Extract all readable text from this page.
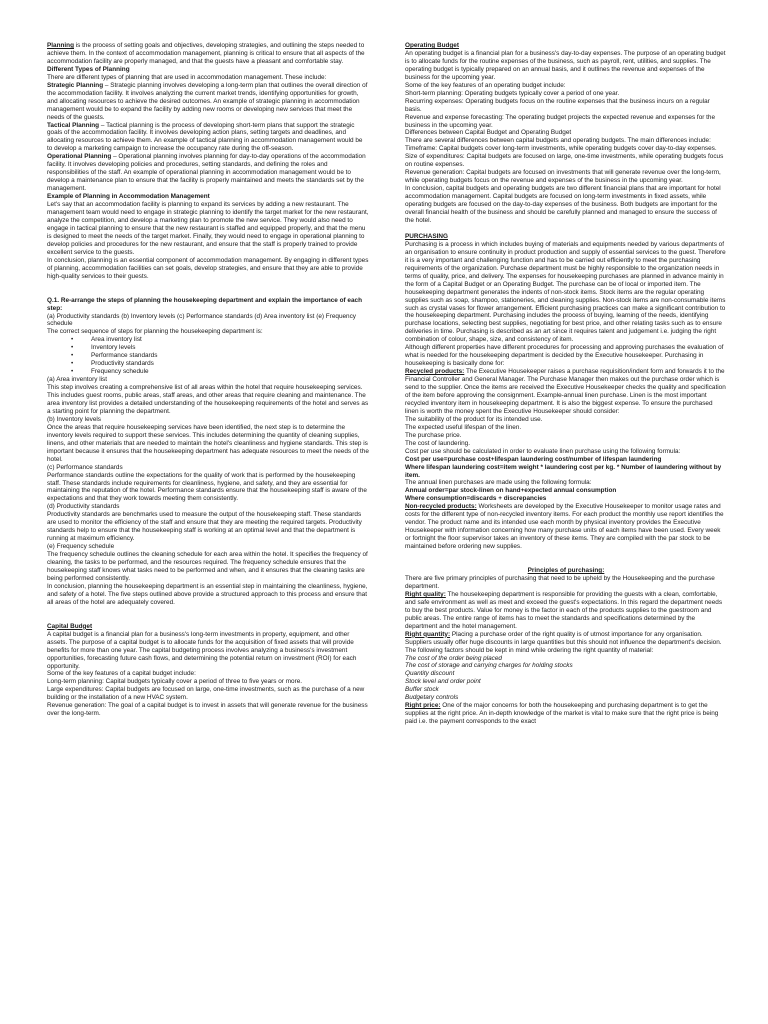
Planning is the process of setting goals and objectives, developing strategies, and outlining the steps needed to achieve them. In the context of accommodation management, planning is critical to ensure that all aspects of the accommodation facility are properly managed, and that the guests have a pleasant and comfortable stay.

Different Types of Planning

There are different types of planning that are used in accommodation management. These include:

Strategic Planning – Strategic planning involves developing a long-term plan that outlines the overall direction of the accommodation facility. It involves analyzing the current market trends, identifying opportunities for growth, and allocating resources to achieve the desired outcomes. An example of strategic planning in accommodation management would be to expand the facility by adding new rooms or developing new services that meet the needs of the guests.

Tactical Planning – Tactical planning is the process of developing short-term plans that support the strategic goals of the accommodation facility. It involves developing action plans, setting targets and deadlines, and allocating resources to achieve them. An example of tactical planning in accommodation management would be to develop a marketing campaign to increase the occupancy rate during the off-season.

Operational Planning – Operational planning involves planning for day-to-day operations of the accommodation facility. It involves developing policies and procedures, setting standards, and defining the roles and responsibilities of the staff. An example of operational planning in accommodation management would be to develop a maintenance plan to ensure that the facility is properly maintained and meets the standards set by the management.

Example of Planning in Accommodation Management

Let's say that an accommodation facility is planning to expand its services by adding a new restaurant. The management team would need to engage in strategic planning to identify the target market for the new restaurant, analyze the competition, and develop a marketing plan to promote the new service. They would also need to engage in tactical planning to ensure that the new restaurant is staffed and equipped properly, and that the menu is designed to meet the needs of the target market. Finally, they would need to engage in operational planning to develop policies and procedures for the new restaurant, and ensure that the staff is properly trained to provide excellent service to the guests.

In conclusion, planning is an essential component of accommodation management. By engaging in different types of planning, accommodation facilities can set goals, develop strategies, and ensure that they are able to provide high-quality services to their guests.

Q.1. Re-arrange the steps of planning the housekeeping department and explain the importance of each step:

(a) Productivity standards (b) Inventory levels (c) Performance standards (d) Area inventory list (e) Frequency schedule

The correct sequence of steps for planning the housekeeping department is:

• Area inventory list
• Inventory levels
• Performance standards
• Productivity standards
• Frequency schedule

(a) Area inventory list

This step involves creating a comprehensive list of all areas within the hotel that require housekeeping services. This includes guest rooms, public areas, staff areas, and other areas that require cleaning and maintenance. The area inventory list provides a detailed understanding of the housekeeping requirements of the hotel and serves as a starting point for planning the department.

(b) Inventory levels

Once the areas that require housekeeping services have been identified, the next step is to determine the inventory levels required to support these services. This includes determining the quantity of cleaning supplies, linens, and other materials that are needed to maintain the hotel's cleanliness and hygiene standards. This step is important because it ensures that the housekeeping department has adequate resources to meet the needs of the hotel.

(c) Performance standards

Performance standards outline the expectations for the quality of work that is performed by the housekeeping staff. These standards include requirements for cleanliness, hygiene, and safety, and they are essential for maintaining the reputation of the hotel. Performance standards ensure that the housekeeping staff is aware of the expectations and that they work towards meeting them consistently.

(d) Productivity standards

Productivity standards are benchmarks used to measure the output of the housekeeping staff. These standards are used to monitor the efficiency of the staff and ensure that they are meeting the required targets. Productivity standards help to ensure that the housekeeping staff is working at an optimal level and that the department is running at maximum efficiency.

(e) Frequency schedule

The frequency schedule outlines the cleaning schedule for each area within the hotel. It specifies the frequency of cleaning, the tasks to be performed, and the resources required. The frequency schedule ensures that the housekeeping staff knows what tasks need to be performed and when, and it ensures that the cleaning tasks are being performed consistently.

In conclusion, planning the housekeeping department is an essential step in maintaining the cleanliness, hygiene, and safety of a hotel. The five steps outlined above provide a structured approach to this process and ensure that all areas of the hotel are adequately covered.

Capital Budget

A capital budget is a financial plan for a business's long-term investments in property, equipment, and other assets. The purpose of a capital budget is to allocate funds for the acquisition of fixed assets that will provide benefits for more than one year. The capital budgeting process involves analyzing a business's investment opportunities, forecasting future cash flows, and determining the potential return on investment (ROI) for each opportunity.

Some of the key features of a capital budget include:

Long-term planning: Capital budgets typically cover a period of three to five years or more.

Large expenditures: Capital budgets are focused on large, one-time investments, such as the purchase of a new building or the installation of a new HVAC system.

Revenue generation: The goal of a capital budget is to invest in assets that will generate revenue for the business over the long-term.

Operating Budget

An operating budget is a financial plan for a business's day-to-day expenses. The purpose of an operating budget is to allocate funds for the routine expenses of the business, such as payroll, rent, utilities, and supplies. The operating budget is typically prepared on an annual basis, and it outlines the revenue and expenses of the business for the upcoming year.

Some of the key features of an operating budget include:

Short-term planning: Operating budgets typically cover a period of one year.

Recurring expenses: Operating budgets focus on the routine expenses that the business incurs on a regular basis.

Revenue and expense forecasting: The operating budget projects the expected revenue and expenses for the business in the upcoming year.

Differences between Capital Budget and Operating Budget

There are several differences between capital budgets and operating budgets. The main differences include:

Timeframe: Capital budgets cover long-term investments, while operating budgets cover day-to-day expenses.

Size of expenditures: Capital budgets are focused on large, one-time investments, while operating budgets focus on routine expenses.

Revenue generation: Capital budgets are focused on investments that will generate revenue over the long-term, while operating budgets focus on the revenue and expenses of the business in the upcoming year.

In conclusion, capital budgets and operating budgets are two different financial plans that are important for hotel accommodation management. Capital budgets are focused on long-term investments in fixed assets, while operating budgets are focused on the day-to-day expenses of the business. Both budgets are important for the overall financial health of the business and should be carefully planned and managed to ensure the success of the hotel.

PURCHASING

Purchasing is a process in which includes buying of materials and equipments needed by various departments of an organisation to ensure continuity in product production and supply of essential services to the guest. Therefore it is a very important and challenging function and has to be carried out efficiently to meet the purchasing requirements of the organization. Purchase department must be highly responsible to the organization needs in terms of quality, price, and delivery. The expenses for housekeeping purchases are planned in advance mainly in the form of a Capital Budget or an Operating Budget. The purchase can be of local or imported item. The housekeeping department generates the indents of non-stock items. Stock items are the regular operating supplies such as soap, shampoo, stationeries, and cleaning supplies. Non-stock items are non-consumable items such as crystal vases for flower arrangement. Efficient purchasing practices can make a significant contribution to the housekeeping department. Purchasing includes the process of buying, learning of the needs, identifying purchase locations, selecting best supplies, negotiating for best price, and other relating tasks such as to ensure deliveries in time. Purchasing is described as an art since it requires talent and judgement i.e. judging the right combination of colour, shape, size, and consistency of item.

Although different properties have different procedures for processing and approving purchases the evaluation of what is needed for the housekeeping department is decided by the Executive housekeeper. Purchasing in housekeeping is basically done for:

Recycled products: The Executive Housekeeper raises a purchase requisition/indent form and forwards it to the Financial Controller and General Manager. The Purchase Manager then makes out the purchase order which is send to the supplier. Once the items are received the Executive Housekeeper checks the quality and specification of the item before approving the consignment. Example-annual linen purchase. Linen is the most important recycled inventory item in housekeeping department. It is also the biggest expense. To ensure the purchased linen is worth the money spent the Executive Housekeeper should consider:

The suitability of the product for its intended use.

The expected useful lifespan of the linen.

The purchase price.

The cost of laundering.

Cost per use should be calculated in order to evaluate linen purchase using the following formula:

Cost per use=purchase cost+lifespan laundering cost/number of lifespan laundering

Where lifespan laundering cost=item weight * laundering cost per kg. * Number of laundering without by item.

The annual linen purchases are made using the following formula:

Annual order=par stock-linen on hand+expected annual consumption

Where consumption=discards + discrepancies

Non-recycled products: Worksheets are developed by the Executive Housekeeper to monitor usage rates and costs for the different type of non-recycled inventory items. For each product the monthly use report identifies the vendor. The product name and its intended use each month by physical inventory provides the Executive Housekeeper with information concerning how many purchase units of each items have been used. Every week or fortnight the floor supervisor takes an inventory of these items. They are compiled with the par stock to be maintained before ordering new supplies.

Principles of purchasing:

There are five primary principles of purchasing that need to be upheld by the Housekeeping and the purchase department.

Right quality: The housekeeping department is responsible for providing the guests with a clean, comfortable, and safe environment as well as meet and exceed the guest's expectations. In this regard the department needs to buy the best products. Value for money is the factor in each of the products supplies to the guestroom and public areas. The entire range of items has to meet the standards and specifications determined by the department and the hotel management.

Right quantity: Placing a purchase order of the right quality is of utmost importance for any organisation. Suppliers usually offer huge discounts in large quantities but this should not influence the department's decision. The following factors should be kept in mind while ordering the right quantity of material:

The cost of the order being placed

The cost of storage and carrying charges for holding stocks

Quantity discount

Stock level and order point

Buffer stock

Budgetary controls

Right price: One of the major concerns for both the housekeeping and purchasing department is to get the supplies at the right price. An in-depth knowledge of the market is vital to make sure that the right price is being paid i.e. the payment corresponds to the exact
